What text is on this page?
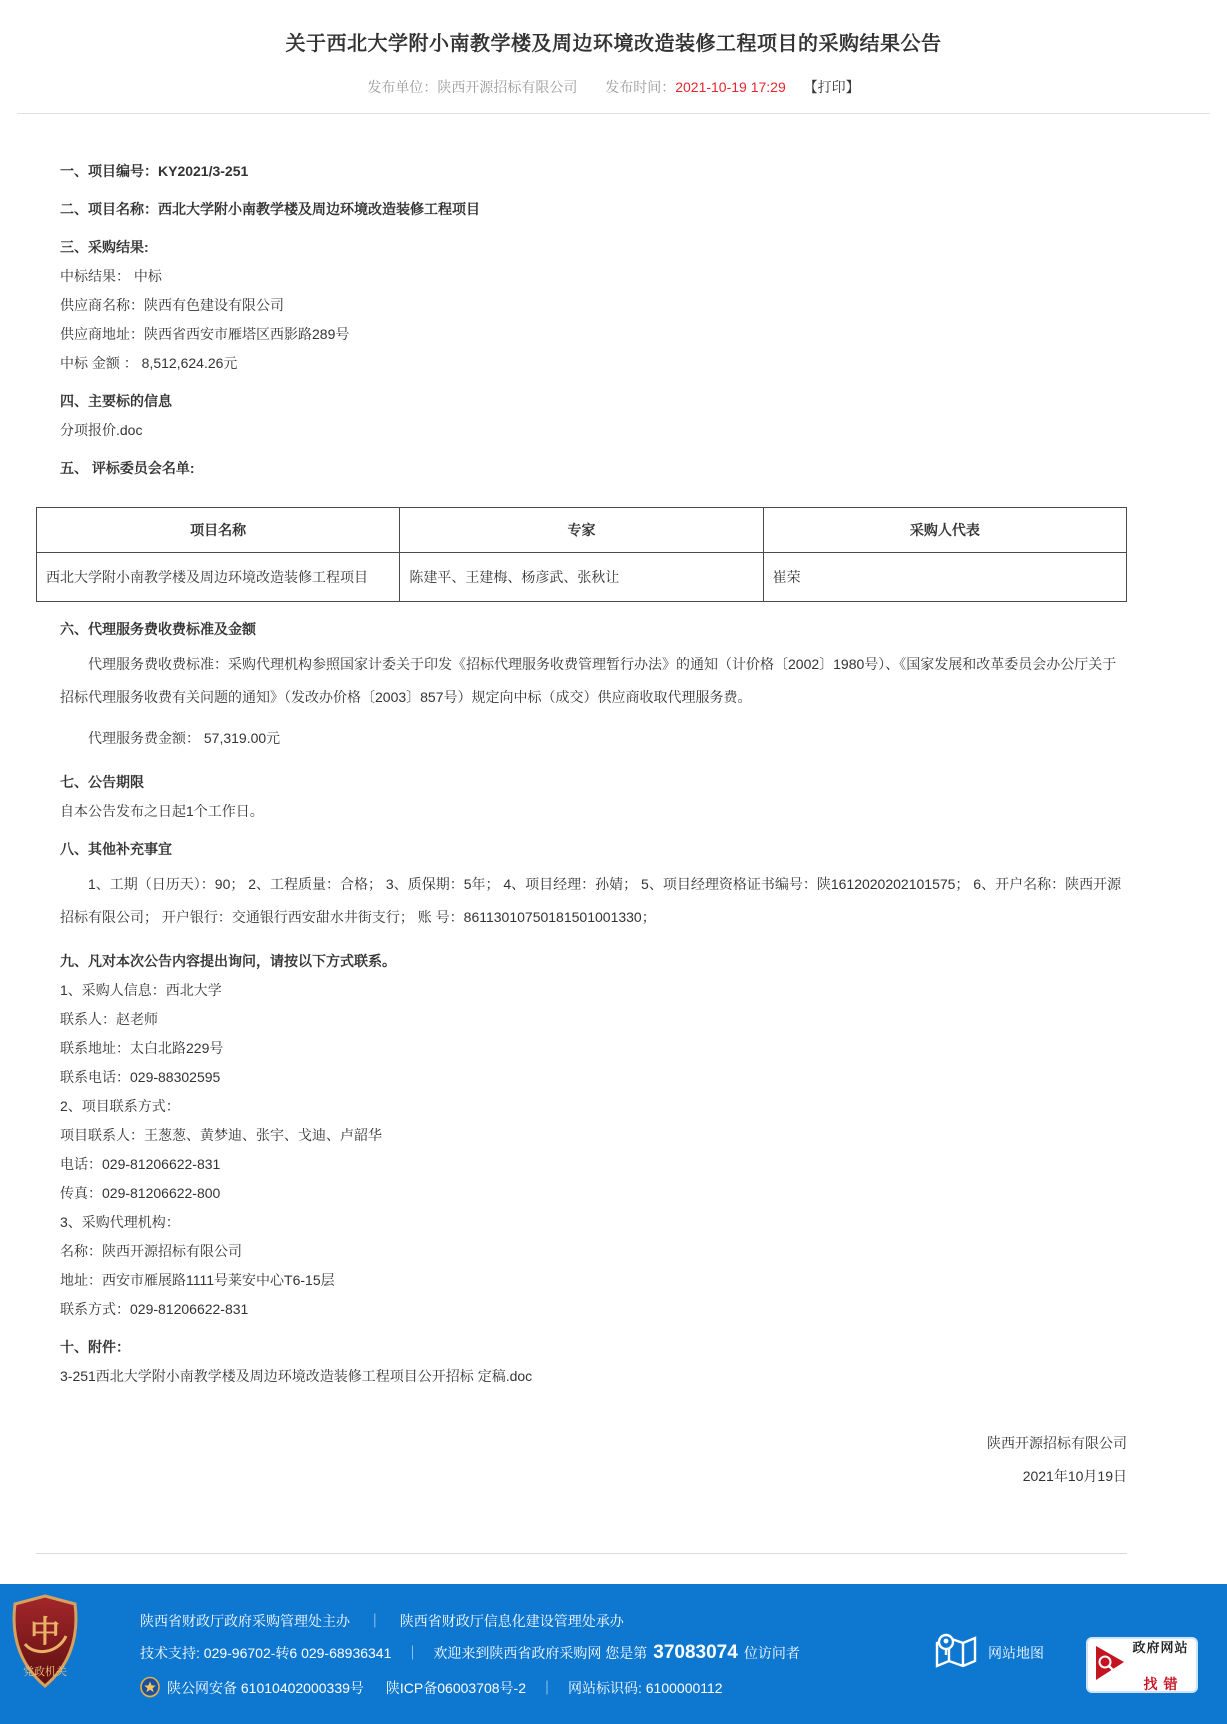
关于西北大学附小南教学楼及周边环境改造装修工程项目的采购结果公告
发布单位：陕西开源招标有限公司 发布时间：2021-10-19 17:29 【打印】
一、项目编号：KY2021/3-251
二、项目名称：西北大学附小南教学楼及周边环境改造装修工程项目
三、采购结果:
中标结果： 中标
供应商名称：陕西有色建设有限公司
供应商地址：陕西省西安市雁塔区西影路289号
中标 金额 ： 8,512,624.26元
四、主要标的信息
分项报价.doc
五、 评标委员会名单:
项目名称	专家	采购人代表
西北大学附小南教学楼及周边环境改造装修工程项目	陈建平、王建梅、杨彦武、张秋让	崔荣
六、代理服务费收费标准及金额
代理服务费收费标准：采购代理机构参照国家计委关于印发《招标代理服务收费管理暂行办法》的通知（计价格〔2002〕1980号）、《国家发展和改革委员会办公厅关于招标代理服务收费有关问题的通知》（发改办价格〔2003〕857号）规定向中标（成交）供应商收取代理服务费。
代理服务费金额： 57,319.00元
七、公告期限
自本公告发布之日起1个工作日。
八、其他补充事宜
1、工期（日历天）：90； 2、工程质量：合格； 3、质保期：5年； 4、项目经理：孙婧； 5、项目经理资格证书编号：陕1612020202101575； 6、开户名称：陕西开源招标有限公司； 开户银行：交通银行西安甜水井街支行； 账 号：86113010750181501001330；
九、凡对本次公告内容提出询问，请按以下方式联系。
1、采购人信息：西北大学
联系人：赵老师
联系地址：太白北路229号
联系电话：029-88302595
2、项目联系方式：
项目联系人：王葱葱、黄梦迪、张宇、戈迪、卢韶华
电话：029-81206622-831
传真：029-81206622-800
3、采购代理机构：
名称：陕西开源招标有限公司
地址：西安市雁展路1111号莱安中心T6-15层
联系方式：029-81206622-831
十、附件：
3-251西北大学附小南教学楼及周边环境改造装修工程项目公开招标 定稿.doc
陕西开源招标有限公司
2021年10月19日
中
党政机关
陕西省财政厅政府采购管理处主办 ｜ 陕西省财政厅信息化建设管理处承办
技术支持: 029-96702-转6 029-68936341 ｜ 欢迎来到陕西省政府采购网 您是第 37083074 位访问者
陕公网安备 61010402000339号 陕ICP备06003708号-2 ｜ 网站标识码: 6100000112
网站地图	政府网站
找错
